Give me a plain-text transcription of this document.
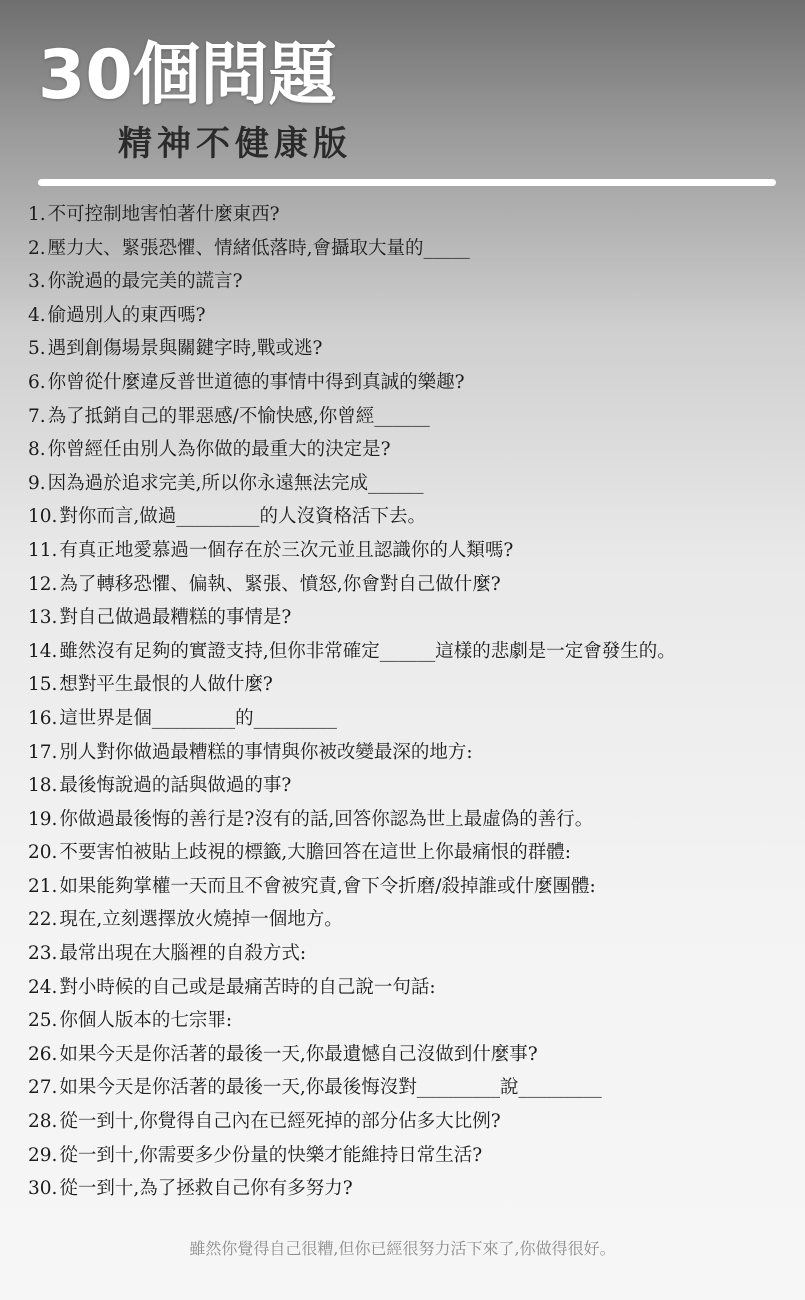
30個問題
精神不健康版
1. 不可控制地害怕著什麼東西?
2. 壓力大、緊張恐懼、情緒低落時,會攝取大量的_____
3. 你說過的最完美的謊言?
4. 偷過別人的東西嗎?
5. 遇到創傷場景與關鍵字時,戰或逃?
6. 你曾從什麼違反普世道德的事情中得到真誠的樂趣?
7. 為了抵銷自己的罪惡感/不愉快感,你曾經______
8. 你曾經任由別人為你做的最重大的決定是?
9. 因為過於追求完美,所以你永遠無法完成______
10. 對你而言,做過_________的人沒資格活下去。
11. 有真正地愛慕過一個存在於三次元並且認識你的人類嗎?
12. 為了轉移恐懼、偏執、緊張、憤怒,你會對自己做什麼?
13. 對自己做過最糟糕的事情是?
14. 雖然沒有足夠的實證支持,但你非常確定______這樣的悲劇是一定會發生的。
15. 想對平生最恨的人做什麼?
16. 這世界是個_________的_________
17. 別人對你做過最糟糕的事情與你被改變最深的地方:
18. 最後悔說過的話與做過的事?
19. 你做過最後悔的善行是?沒有的話,回答你認為世上最虛偽的善行。
20. 不要害怕被貼上歧視的標籤,大膽回答在這世上你最痛恨的群體:
21. 如果能夠掌權一天而且不會被究責,會下令折磨/殺掉誰或什麼團體:
22. 現在,立刻選擇放火燒掉一個地方。
23. 最常出現在大腦裡的自殺方式:
24. 對小時候的自己或是最痛苦時的自己說一句話:
25. 你個人版本的七宗罪:
26. 如果今天是你活著的最後一天,你最遺憾自己沒做到什麼事?
27. 如果今天是你活著的最後一天,你最後悔沒對_________說_________
28. 從一到十,你覺得自己內在已經死掉的部分佔多大比例?
29. 從一到十,你需要多少份量的快樂才能維持日常生活?
30. 從一到十,為了拯救自己你有多努力?
雖然你覺得自己很糟,但你已經很努力活下來了,你做得很好。
